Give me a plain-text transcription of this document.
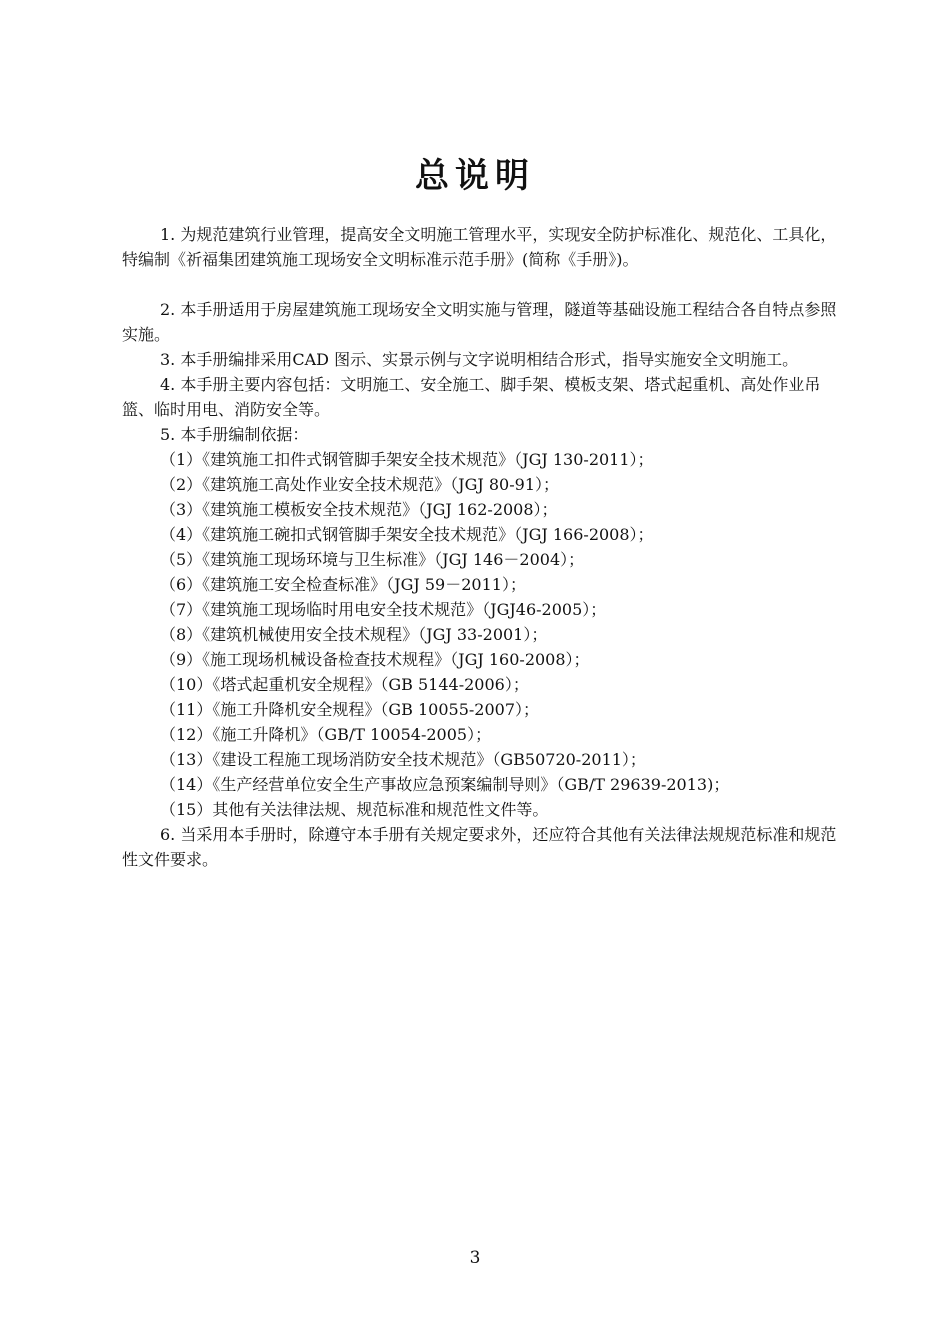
总说明

1. 为规范建筑行业管理，提高安全文明施工管理水平，实现安全防护标准化、规范化、工具化，特编制《祈福集团建筑施工现场安全文明标准示范手册》(简称《手册》)。

2. 本手册适用于房屋建筑施工现场安全文明实施与管理，隧道等基础设施工程结合各自特点参照实施。

3. 本手册编排采用CAD 图示、实景示例与文字说明相结合形式，指导实施安全文明施工。

4. 本手册主要内容包括：文明施工、安全施工、脚手架、模板支架、塔式起重机、高处作业吊篮、临时用电、消防安全等。

5. 本手册编制依据：

（1）《建筑施工扣件式钢管脚手架安全技术规范》（JGJ 130-2011）；

（2）《建筑施工高处作业安全技术规范》（JGJ 80-91）；

（3）《建筑施工模板安全技术规范》（JGJ 162-2008）；

（4）《建筑施工碗扣式钢管脚手架安全技术规范》（JGJ 166-2008）；

（5）《建筑施工现场环境与卫生标准》（JGJ 146－2004）；

（6）《建筑施工安全检查标准》（JGJ 59－2011）；

（7）《建筑施工现场临时用电安全技术规范》（JGJ46-2005）；

（8）《建筑机械使用安全技术规程》（JGJ 33-2001）；

（9）《施工现场机械设备检查技术规程》（JGJ 160-2008）；

（10）《塔式起重机安全规程》（GB 5144-2006）；

（11）《施工升降机安全规程》（GB 10055-2007）；

（12）《施工升降机》（GB/T 10054-2005）；

（13）《建设工程施工现场消防安全技术规范》（GB50720-2011）；

（14）《生产经营单位安全生产事故应急预案编制导则》（GB/T 29639-2013)；

（15）其他有关法律法规、规范标准和规范性文件等。

6. 当采用本手册时，除遵守本手册有关规定要求外，还应符合其他有关法律法规规范标准和规范性文件要求。

3
